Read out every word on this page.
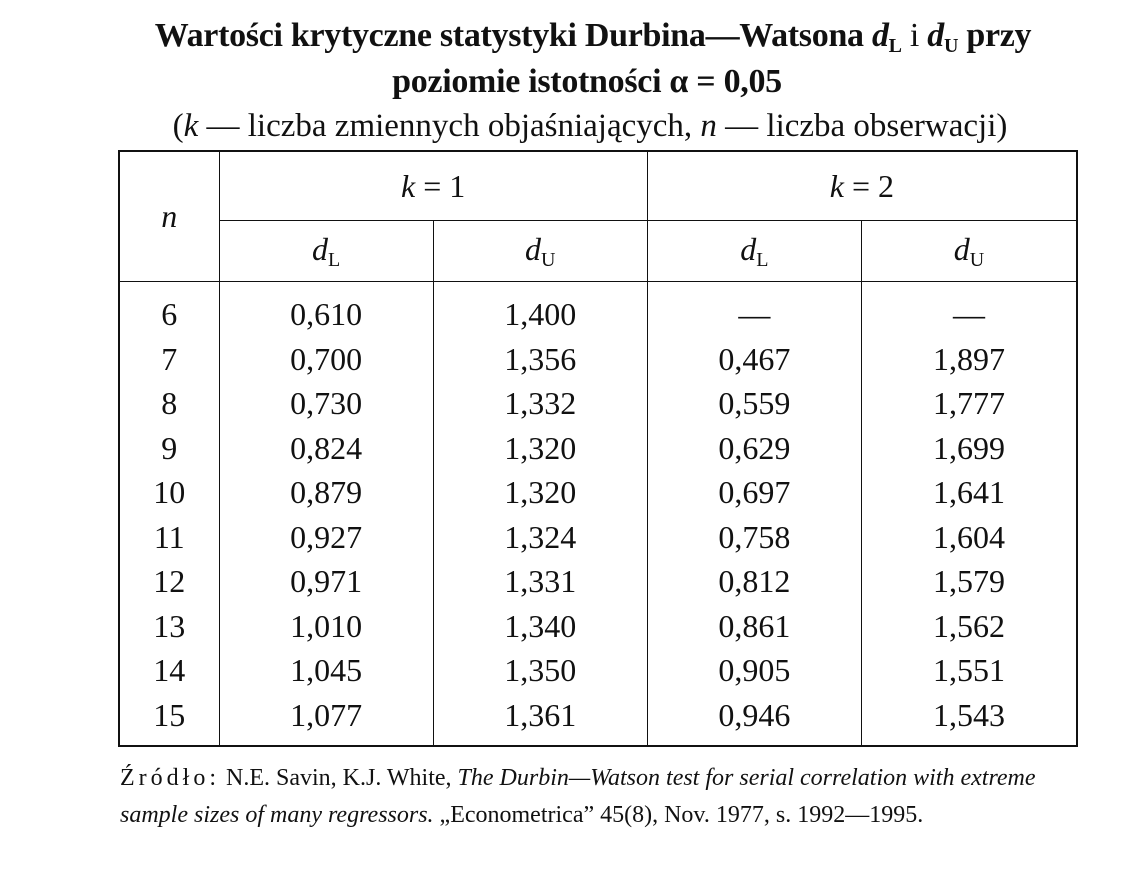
Wartości krytyczne statystyki Durbina—Watsona $d_L$ i $d_U$ przy
poziomie istotności α = 0,05
(k — liczba zmiennych objaśniających, n — liczba obserwacji)
n	k = 1		k = 2	
	$d_L$	$d_U$	$d_L$	$d_U$
6	0,610	1,400	—	—
7	0,700	1,356	0,467	1,897
8	0,730	1,332	0,559	1,777
9	0,824	1,320	0,629	1,699
10	0,879	1,320	0,697	1,641
11	0,927	1,324	0,758	1,604
12	0,971	1,331	0,812	1,579
13	1,010	1,340	0,861	1,562
14	1,045	1,350	0,905	1,551
15	1,077	1,361	0,946	1,543
Źródło: N.E. Savin, K.J. White, The Durbin—Watson test for serial correlation with extreme sample sizes of many regressors. „Econometrica” 45(8), Nov. 1977, s. 1992—1995.
